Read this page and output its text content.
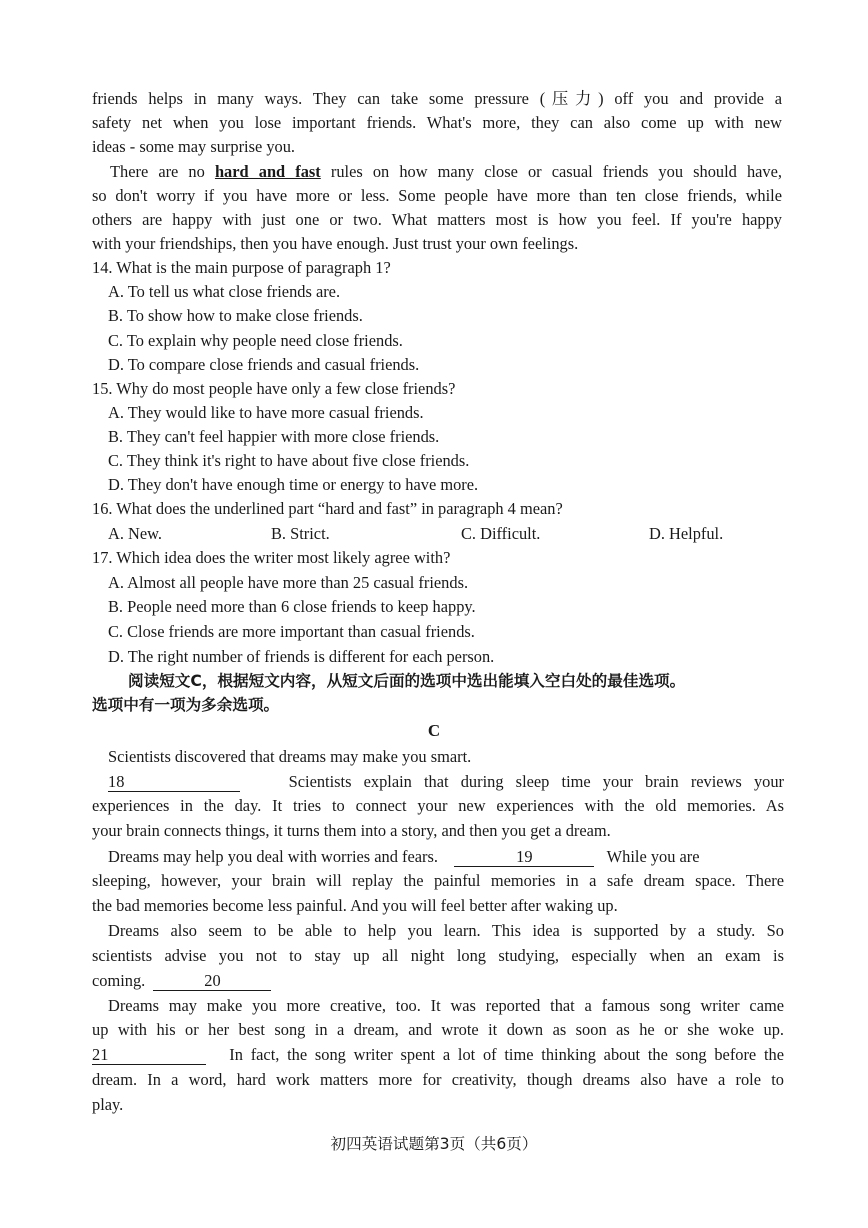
friends helps in many ways. They can take some pressure (压力) off you and provide a
safety net when you lose important friends. What's more, they can also come up with new
ideas - some may surprise you.
There are no hard and fast rules on how many close or casual friends you should have,
so don't worry if you have more or less. Some people have more than ten close friends, while
others are happy with just one or two. What matters most is how you feel. If you're happy
with your friendships, then you have enough. Just trust your own feelings.
14. What is the main purpose of paragraph 1?
A. To tell us what close friends are.
B. To show how to make close friends.
C. To explain why people need close friends.
D. To compare close friends and casual friends.
15. Why do most people have only a few close friends?
A. They would like to have more casual friends.
B. They can't feel happier with more close friends.
C. They think it's right to have about five close friends.
D. They don't have enough time or energy to have more.
16. What does the underlined part “hard and fast” in paragraph 4 mean?
A. New.	B. Strict.	C. Difficult.	D. Helpful.
17. Which idea does the writer most likely agree with?
A. Almost all people have more than 25 casual friends.
B. People need more than 6 close friends to keep happy.
C. Close friends are more important than casual friends.
D. The right number of friends is different for each person.
阅读短文C，根据短文内容，从短文后面的选项中选出能填入空白处的最佳选项。
选项中有一项为多余选项。
C
Scientists discovered that dreams may make you smart.
18	Scientists explain that during sleep time your brain reviews your
experiences in the day. It tries to connect your new experiences with the old memories. As
your brain connects things, it turns them into a story, and then you get a dream.
Dreams may help you deal with worries and fears.	19	While you are
sleeping, however, your brain will replay the painful memories in a safe dream space. There
the bad memories become less painful. And you will feel better after waking up.
Dreams also seem to be able to help you learn. This idea is supported by a study. So
scientists advise you not to stay up all night long studying, especially when an exam is
coming.	20
Dreams may make you more creative, too. It was reported that a famous song writer came
up with his or her best song in a dream, and wrote it down as soon as he or she woke up.
21	In fact, the song writer spent a lot of time thinking about the song before the
dream. In a word, hard work matters more for creativity, though dreams also have a role to
play.
初四英语试题第3页（共6页）
